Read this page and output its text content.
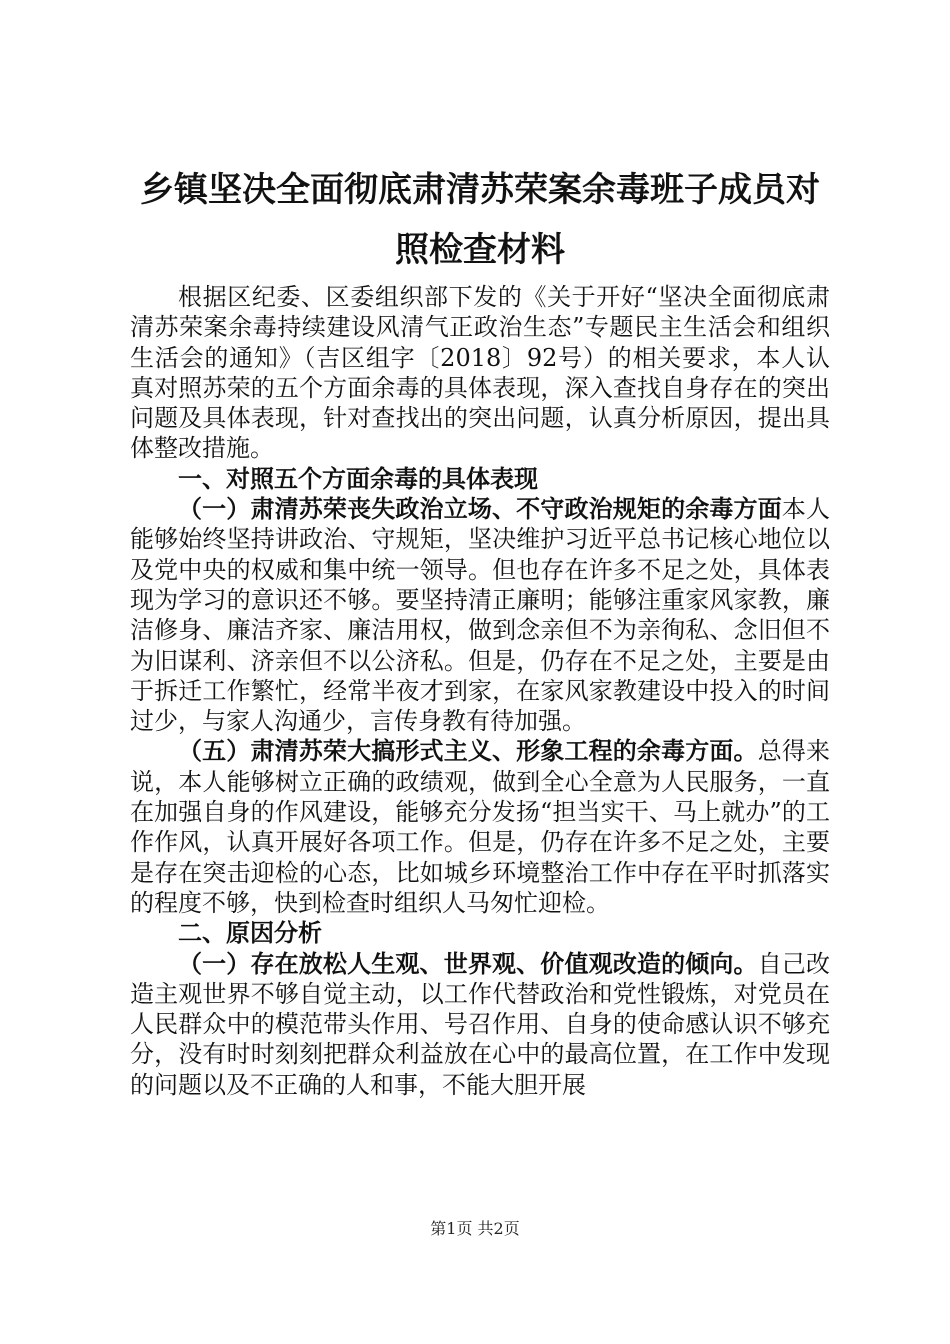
乡镇坚决全面彻底肃清苏荣案余毒班子成员对照检查材料

根据区纪委、区委组织部下发的《关于开好“坚决全面彻底肃清苏荣案余毒持续建设风清气正政治生态”专题民主生活会和组织生活会的通知》（吉区组字〔2018〕92号）的相关要求，本人认真对照苏荣的五个方面余毒的具体表现，深入查找自身存在的突出问题及具体表现，针对查找出的突出问题，认真分析原因，提出具体整改措施。

一、对照五个方面余毒的具体表现

（一）肃清苏荣丧失政治立场、不守政治规矩的余毒方面本人能够始终坚持讲政治、守规矩，坚决维护习近平总书记核心地位以及党中央的权威和集中统一领导。但也存在许多不足之处，具体表现为学习的意识还不够。要坚持清正廉明；能够注重家风家教，廉洁修身、廉洁齐家、廉洁用权，做到念亲但不为亲徇私、念旧但不为旧谋利、济亲但不以公济私。但是，仍存在不足之处，主要是由于拆迁工作繁忙，经常半夜才到家，在家风家教建设中投入的时间过少，与家人沟通少，言传身教有待加强。

（五）肃清苏荣大搞形式主义、形象工程的余毒方面。总得来说，本人能够树立正确的政绩观，做到全心全意为人民服务，一直在加强自身的作风建设，能够充分发扬“担当实干、马上就办”的工作作风，认真开展好各项工作。但是，仍存在许多不足之处，主要是存在突击迎检的心态，比如城乡环境整治工作中存在平时抓落实的程度不够，快到检查时组织人马匆忙迎检。

二、原因分析

（一）存在放松人生观、世界观、价值观改造的倾向。自己改造主观世界不够自觉主动，以工作代替政治和党性锻炼，对党员在人民群众中的模范带头作用、号召作用、自身的使命感认识不够充分，没有时时刻刻把群众利益放在心中的最高位置，在工作中发现的问题以及不正确的人和事，不能大胆开展

第1页 共2页
